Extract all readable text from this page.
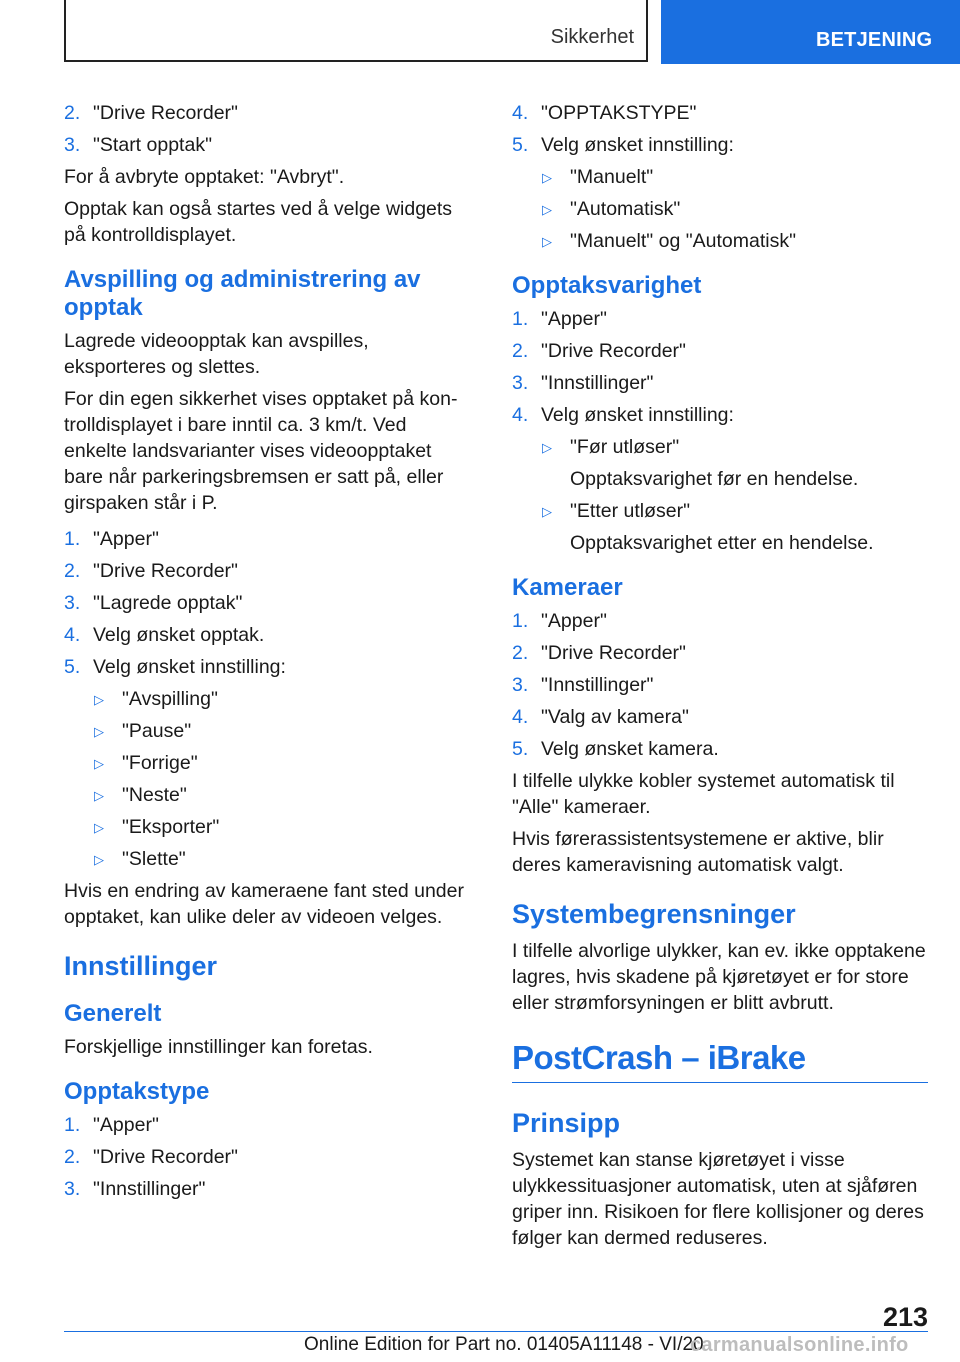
Sikkerhet	BETJENING
2. "Drive Recorder"
3. "Start opptak"

For å avbryte opptaket: "Avbryt".

Opptak kan også startes ved å velge widgets på kontrolldisplayet.

Avspilling og administrering av opptak

Lagrede videoopptak kan avspilles, eksporteres og slettes.

For din egen sikkerhet vises opptaket på kontrolldisplayet i bare inntil ca. 3 km/t. Ved enkelte landsvarianter vises videoopptaket bare når parkeringsbremsen er satt på, eller girspaken står i P.

1. "Apper"
2. "Drive Recorder"
3. "Lagrede opptak"
4. Velg ønsket opptak.
5. Velg ønsket innstilling:
▷ "Avspilling"
▷ "Pause"
▷ "Forrige"
▷ "Neste"
▷ "Eksporter"
▷ "Slette"

Hvis en endring av kameraene fant sted under opptaket, kan ulike deler av videoen velges.

Innstillinger
Generelt

Forskjellige innstillinger kan foretas.

Opptakstype
1. "Apper"
2. "Drive Recorder"
3. "Innstillinger"
4. "OPPTAKSTYPE"
5. Velg ønsket innstilling:
▷ "Manuelt"
▷ "Automatisk"
▷ "Manuelt" og "Automatisk"
Opptaksvarighet
1. "Apper"
2. "Drive Recorder"
3. "Innstillinger"
4. Velg ønsket innstilling:
▷ "Før utløser"
Opptaksvarighet før en hendelse.
▷ "Etter utløser"
Opptaksvarighet etter en hendelse.
Kameraer
1. "Apper"
2. "Drive Recorder"
3. "Innstillinger"
4. "Valg av kamera"
5. Velg ønsket kamera.

I tilfelle ulykke kobler systemet automatisk til "Alle" kameraer.

Hvis førerassistentsystemene er aktive, blir deres kameravisning automatisk valgt.

Systembegrensninger

I tilfelle alvorlige ulykker, kan ev. ikke opptakene lagres, hvis skadene på kjøretøyet er for store eller strømforsyningen er blitt avbrutt.

PostCrash – iBrake
Prinsipp

Systemet kan stanse kjøretøyet i visse ulykkessituasjoner automatisk, uten at sjåføren griper inn. Risikoen for flere kollisjoner og deres følger kan dermed reduseres.

213
Online Edition for Part no. 01405A11148 - VI/20
carmanualsonline.info
